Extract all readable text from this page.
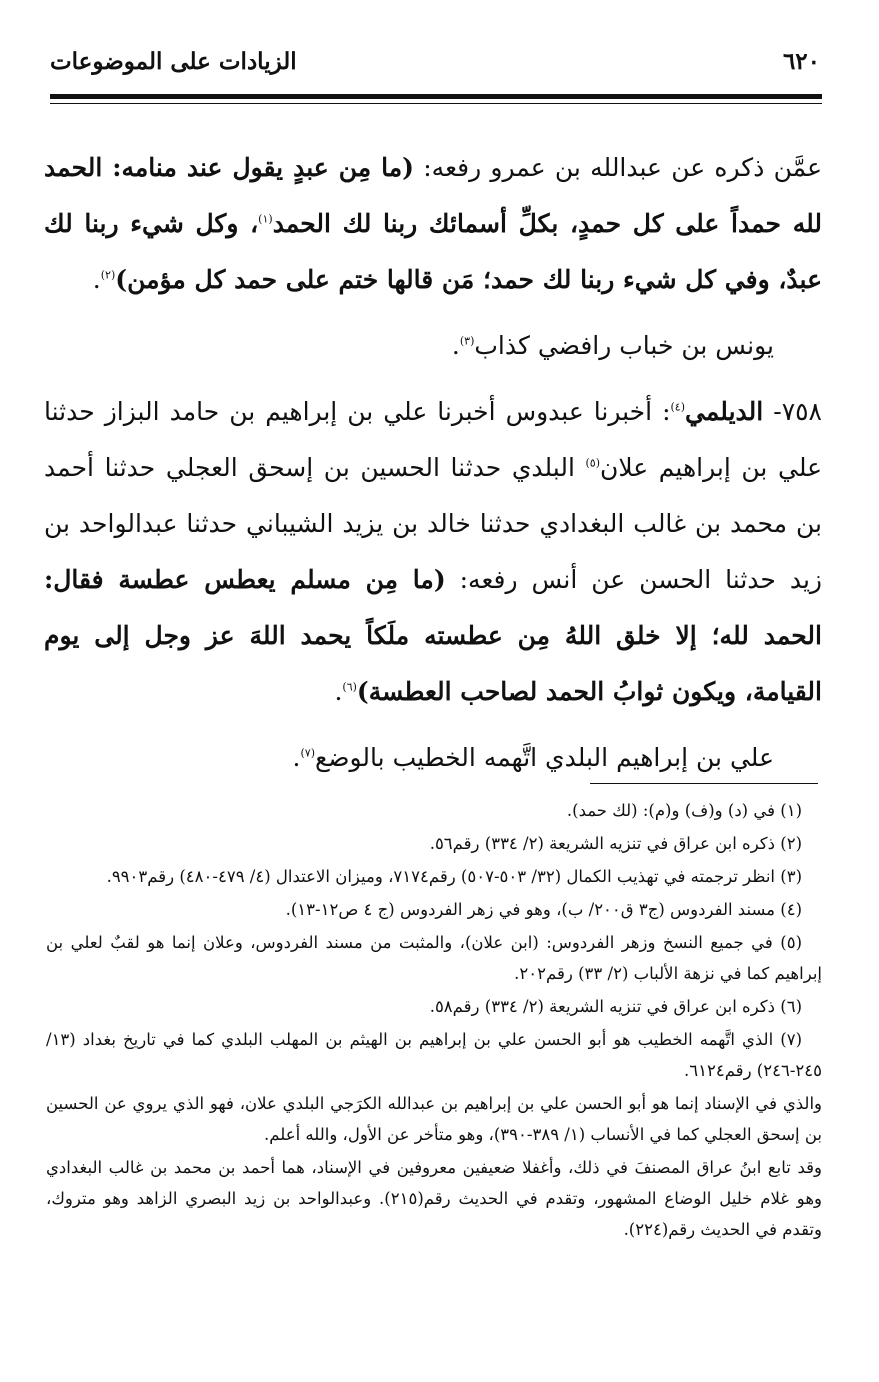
الزيادات على الموضوعات	٦٢٠

عمَّن ذكره عن عبدالله بن عمرو رفعه: (ما مِن عبدٍ يقول عند منامه: الحمد لله حمداً على كل حمدٍ، بكلِّ أسمائك ربنا لك الحمد$^{(١)}$، وكل شيء ربنا لك عبدٌ، وفي كل شيء ربنا لك حمد؛ مَن قالها ختم على حمد كل مؤمن)$^{(٢)}$.

يونس بن خباب رافضي كذاب$^{(٣)}$.

٧٥٨- الديلمي$^{(٤)}$: أخبرنا عبدوس أخبرنا علي بن إبراهيم بن حامد البزاز حدثنا علي بن إبراهيم علان$^{(٥)}$ البلدي حدثنا الحسين بن إسحق العجلي حدثنا أحمد بن محمد بن غالب البغدادي حدثنا خالد بن يزيد الشيباني حدثنا عبدالواحد بن زيد حدثنا الحسن عن أنس رفعه: (ما مِن مسلم يعطس عطسة فقال: الحمد لله؛ إلا خلق اللهُ مِن عطسته ملَكاً يحمد اللهَ عز وجل إلى يوم القيامة، ويكون ثوابُ الحمد لصاحب العطسة)$^{(٦)}$.

علي بن إبراهيم البلدي اتَّهمه الخطيب بالوضع$^{(٧)}$.

(١) في (د) و(ف) و(م): (لك حمد).

(٢) ذكره ابن عراق في تنزيه الشريعة (٢/ ٣٣٤) رقم٥٦.

(٣) انظر ترجمته في تهذيب الكمال (٣٢/ ٥٠٣-٥٠٧) رقم٧١٧٤، وميزان الاعتدال (٤/ ٤٧٩-٤٨٠) رقم٩٩٠٣.

(٤) مسند الفردوس (ج٣ ق٢٠٠/ ب)، وهو في زهر الفردوس (ج ٤ ص١٢-١٣).

(٥) في جميع النسخ وزهر الفردوس: (ابن علان)، والمثبت من مسند الفردوس، وعلان إنما هو لقبٌ لعلي بن إبراهيم كما في نزهة الألباب (٢/ ٣٣) رقم٢٠٢.

(٦) ذكره ابن عراق في تنزيه الشريعة (٢/ ٣٣٤) رقم٥٨.

(٧) الذي اتَّهمه الخطيب هو أبو الحسن علي بن إبراهيم بن الهيثم بن المهلب البلدي كما في تاريخ بغداد (١٣/ ٢٤٥-٢٤٦) رقم٦١٢٤.

والذي في الإسناد إنما هو أبو الحسن علي بن إبراهيم بن عبدالله الكرَجي البلدي علان، فهو الذي يروي عن الحسين بن إسحق العجلي كما في الأنساب (١/ ٣٨٩-٣٩٠)، وهو متأخر عن الأول، والله أعلم.

وقد تابع ابنُ عراق المصنفَ في ذلك، وأغفلا ضعيفين معروفين في الإسناد، هما أحمد بن محمد بن غالب البغدادي وهو غلام خليل الوضاع المشهور، وتقدم في الحديث رقم(٢١٥). وعبدالواحد بن زيد البصري الزاهد وهو متروك، وتقدم في الحديث رقم(٢٢٤).
